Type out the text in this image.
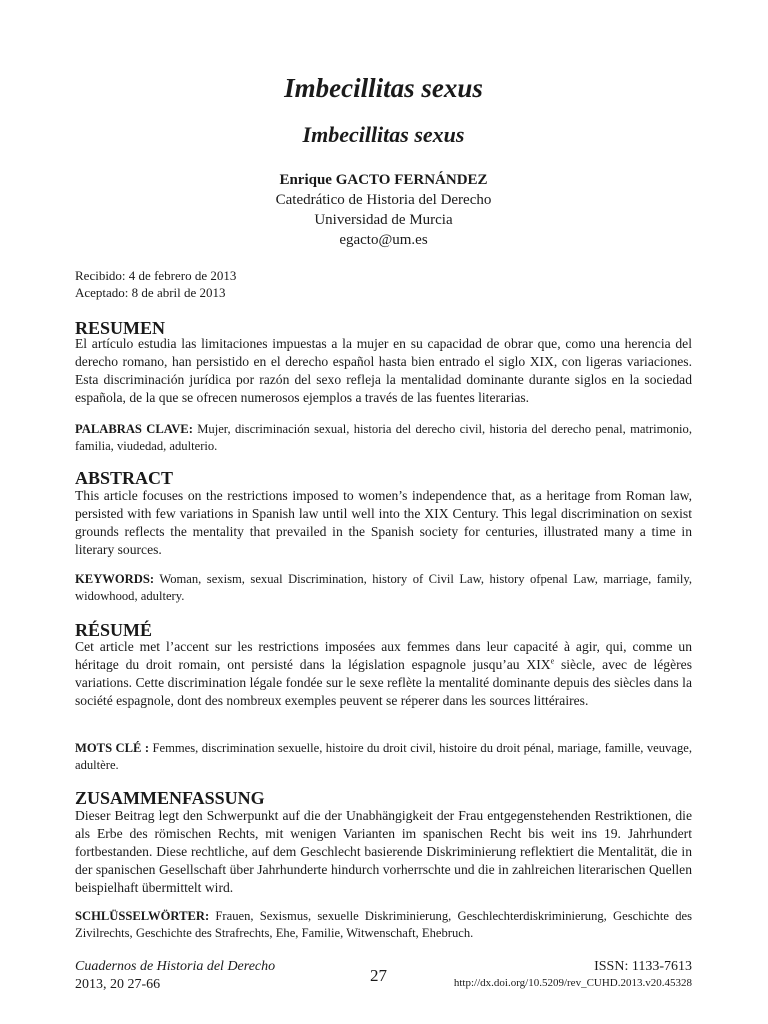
Imbecillitas sexus
Imbecillitas sexus
Enrique GACTO FERNÁNDEZ
Catedrático de Historia del Derecho
Universidad de Murcia
egacto@um.es
Recibido: 4 de febrero de 2013
Aceptado: 8 de abril de 2013
RESUMEN
El artículo estudia las limitaciones impuestas a la mujer en su capacidad de obrar que, como una herencia del derecho romano, han persistido en el derecho español hasta bien entrado el siglo XIX, con ligeras variaciones. Esta discriminación jurídica por razón del sexo refleja la mentalidad dominante durante siglos en la sociedad española, de la que se ofrecen numerosos ejemplos a través de las fuentes literarias.
PALABRAS CLAVE: Mujer, discriminación sexual, historia del derecho civil, historia del derecho penal, matrimonio, familia, viudedad, adulterio.
ABSTRACT
This article focuses on the restrictions imposed to women’s independence that, as a heritage from Roman law, persisted with few variations in Spanish law until well into the XIX Century. This legal discrimination on sexist grounds reflects the mentality that prevailed in the Spanish society for centuries, illustrated many a time in literary sources.
KEYWORDS: Woman, sexism, sexual Discrimination, history of Civil Law, history ofpenal Law, marriage, family, widowhood, adultery.
RÉSUMÉ
Cet article met l’accent sur les restrictions imposées aux femmes dans leur capacité à agir, qui, comme un héritage du droit romain, ont persisté dans la législation espagnole jusqu’au XIXe siècle, avec de légères variations. Cette discrimination légale fondée sur le sexe reflète la mentalité dominante depuis des siècles dans la société espagnole, dont des nombreux exemples peuvent se réperer dans les sources littéraires.
MOTS CLÉ : Femmes, discrimination sexuelle, histoire du droit civil, histoire du droit pénal, mariage, famille, veuvage, adultère.
ZUSAMMENFASSUNG
Dieser Beitrag legt den Schwerpunkt auf die der Unabhängigkeit der Frau entgegenstehenden Restriktionen, die als Erbe des römischen Rechts, mit wenigen Varianten im spanischen Recht bis weit ins 19. Jahrhundert fortbestanden. Diese rechtliche, auf dem Geschlecht basierende Diskriminierung reflektiert die Mentalität, die in der spanischen Gesellschaft über Jahrhunderte hindurch vorherrschte und die in zahlreichen literarischen Quellen beispielhaft übermittelt wird.
SCHLÜSSELWÖRTER: Frauen, Sexismus, sexuelle Diskriminierung, Geschlechterdiskriminierung, Geschichte des Zivilrechts, Geschichte des Strafrechts, Ehe, Familie, Witwenschaft, Ehebruch.
Cuadernos de Historia del Derecho
2013, 20 27-66	27	ISSN: 1133-7613
http://dx.doi.org/10.5209/rev_CUHD.2013.v20.45328
